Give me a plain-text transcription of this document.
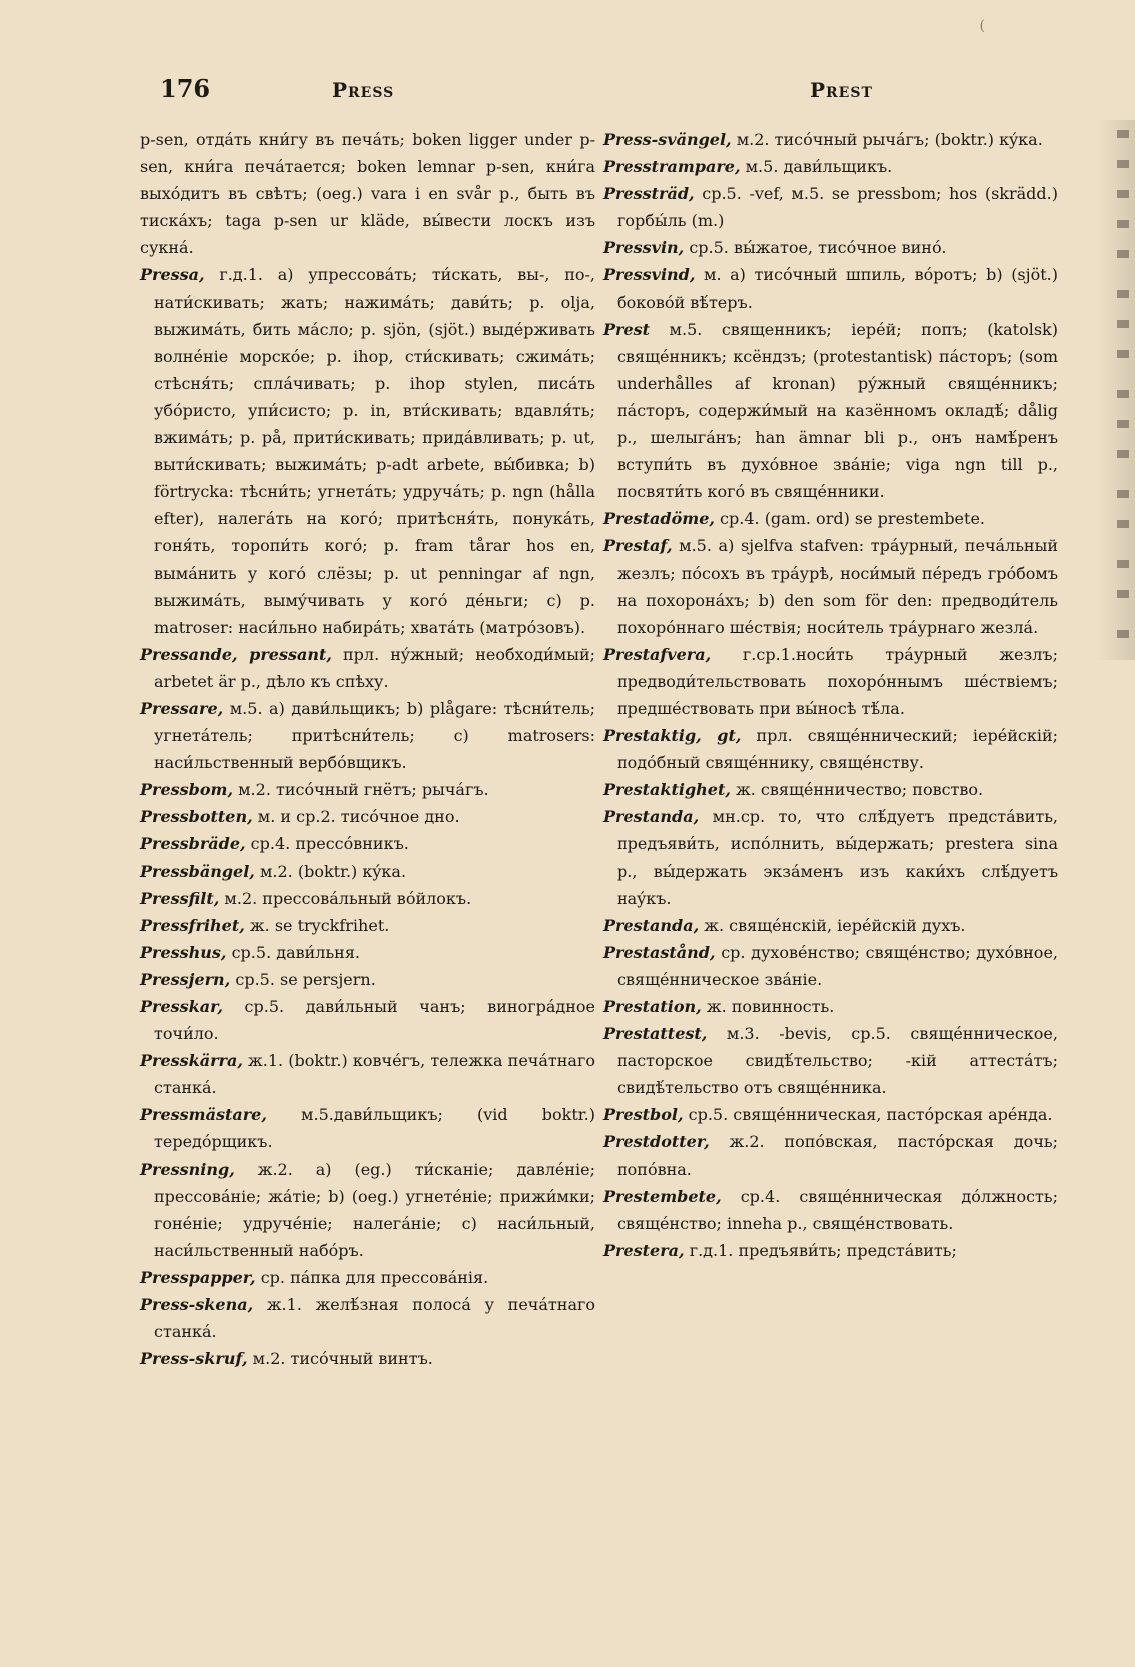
(
176	Press	Prest

p-sen, отдáть кни́гу въ печáть; boken ligger under p-sen, кни́га печáтается; boken lemnar p-sen, кни́га выхóдитъ въ свѣтъ; (oeg.) vara i en svår p., быть въ тискáхъ; taga p-sen ur kläde, вы́вести лоскъ изъ сукнá.

Pressa, г.д.1. а) упрессовáть; ти́скать, вы-, по-, нати́скивать; жать; нажимáть; дави́ть; p. olja, выжимáть, бить мáсло; p. sjön, (sjöt.) выдéрживать волнéніе морскóе; p. ihop, сти́скивать; сжимáть; стѣсня́ть; сплáчивать; p. ihop stylen, писáть убóристо, упи́систо; p. in, вти́скивать; вдавля́ть; вжимáть; p. på, прити́скивать; придáвливать; p. ut, выти́скивать; выжимáть; p-adt arbete, вы́бивка; b) förtrycka: тѣсни́ть; угнетáть; удручáть; p. ngn (hålla efter), налегáть на когó; притѣсня́ть, понукáть, гоня́ть, торопи́ть когó; p. fram tårar hos en, вымáнить у когó слёзы; p. ut penningar af ngn, выжимáть, вымýчивать у когó дéньги; c) p. matroser: наси́льно набирáть; хватáть (матрóзовъ).

Pressande, pressant, прл. нýжный; необходи́мый; arbetet är p., дѣло къ спѣху.

Pressare, м.5. а) дави́льщикъ; b) plågare: тѣсни́тель; угнетáтель; притѣсни́тель; c) matrosers: наси́льственный вербóвщикъ.

Pressbom, м.2. тисóчный гнётъ; рычáгъ.

Pressbotten, м. и ср.2. тисóчное дно.

Pressbräde, ср.4. прессóвникъ.

Pressbängel, м.2. (boktr.) кýка.

Pressfilt, м.2. прессовáльный вóйлокъ.

Pressfrihet, ж. se tryckfrihet.

Presshus, ср.5. дави́льня.

Pressjern, ср.5. se persjern.

Presskar, ср.5. дави́льный чанъ; виногрáдное точи́ло.

Presskärra, ж.1. (boktr.) ковчéгъ, тележка печáтнаго станкá.

Pressmästare, м.5.дави́льщикъ; (vid boktr.) тередóрщикъ.

Pressning, ж.2. а) (eg.) ти́сканіе; давлéніе; прессовáніе; жáтіе; b) (oeg.) угнетéніе; прижи́мки; гонéніе; удручéніе; налегáніе; c) наси́льный, наси́льственный набóръ.

Presspapper, ср. пáпка для прессовáнія.

Press-skena, ж.1. желѣ́зная полосá у печáтнаго станкá.

Press-skruf, м.2. тисóчный винтъ.

Press-svängel, м.2. тисóчный рычáгъ; (boktr.) кýка.

Presstrampare, м.5. дави́льщикъ.

Pressträd, ср.5. -vef, м.5. se pressbom; hos (skrädd.) горбы́ль (m.)

Pressvin, ср.5. вы́жатое, тисóчное винó.

Pressvind, м. а) тисóчный шпиль, вóротъ; b) (sjöt.) боковóй вѣ́теръ.

Prest м.5. священникъ; іерéй; попъ; (katolsk) свящéнникъ; ксёндзъ; (protestantisk) пáсторъ; (som underhålles af kronan) рýжный свящéнникъ; пáсторъ, содержи́мый на казённомъ окладѣ́; dålig p., шелыгáнъ; han ämnar bli p., онъ намѣ́ренъ вступи́ть въ духóвное звáніе; viga ngn till p., посвяти́ть когó въ свящéнники.

Prestadöme, ср.4. (gam. ord) se prestembete.

Prestaf, м.5. а) sjelfva stafven: трáурный, печáльный жезлъ; пóсохъ въ трáурѣ, носи́мый пéредъ грóбомъ на похоронáхъ; b) den som för den: предводи́тель похорóннаго шéствія; носи́тель трáурнаго жезлá.

Prestafvera, г.ср.1.носи́ть трáурный жезлъ; предводи́тельствовать похорóннымъ шéствіемъ; предшéствовать при вы́носѣ тѣ́ла.

Prestaktig, gt, прл. свящéннический; іерéйскій; подóбный свящéннику, свящéнству.

Prestaktighet, ж. свящéнничество; повство.

Prestanda, мн.ср. то, что слѣ́дуетъ предстáвить, предъяви́ть, испóлнить, вы́держать; prestera sina p., вы́держать экзáменъ изъ каки́хъ слѣ́дуетъ наýкъ.

Prestanda, ж. свящéнскій, іерéйскій духъ.

Prestastånd, ср. духовéнство; свящéнство; духóвное, свящéнническое звáніе.

Prestation, ж. повинность.

Prestattest, м.3. -bevis, ср.5. свящéнническое, пасторское свидѣ́тельство; -кій аттестáтъ; свидѣ́тельство отъ свящéнника.

Prestbol, ср.5. свящéнническая, пастóрская арéнда.

Prestdotter, ж.2. попóвская, пастóрская дочь; попóвна.

Prestembete, ср.4. свящéнническая дóлжность; свящéнство; inneha p., свящéнствовать.

Prestera, г.д.1. предъяви́ть; предстáвить;
